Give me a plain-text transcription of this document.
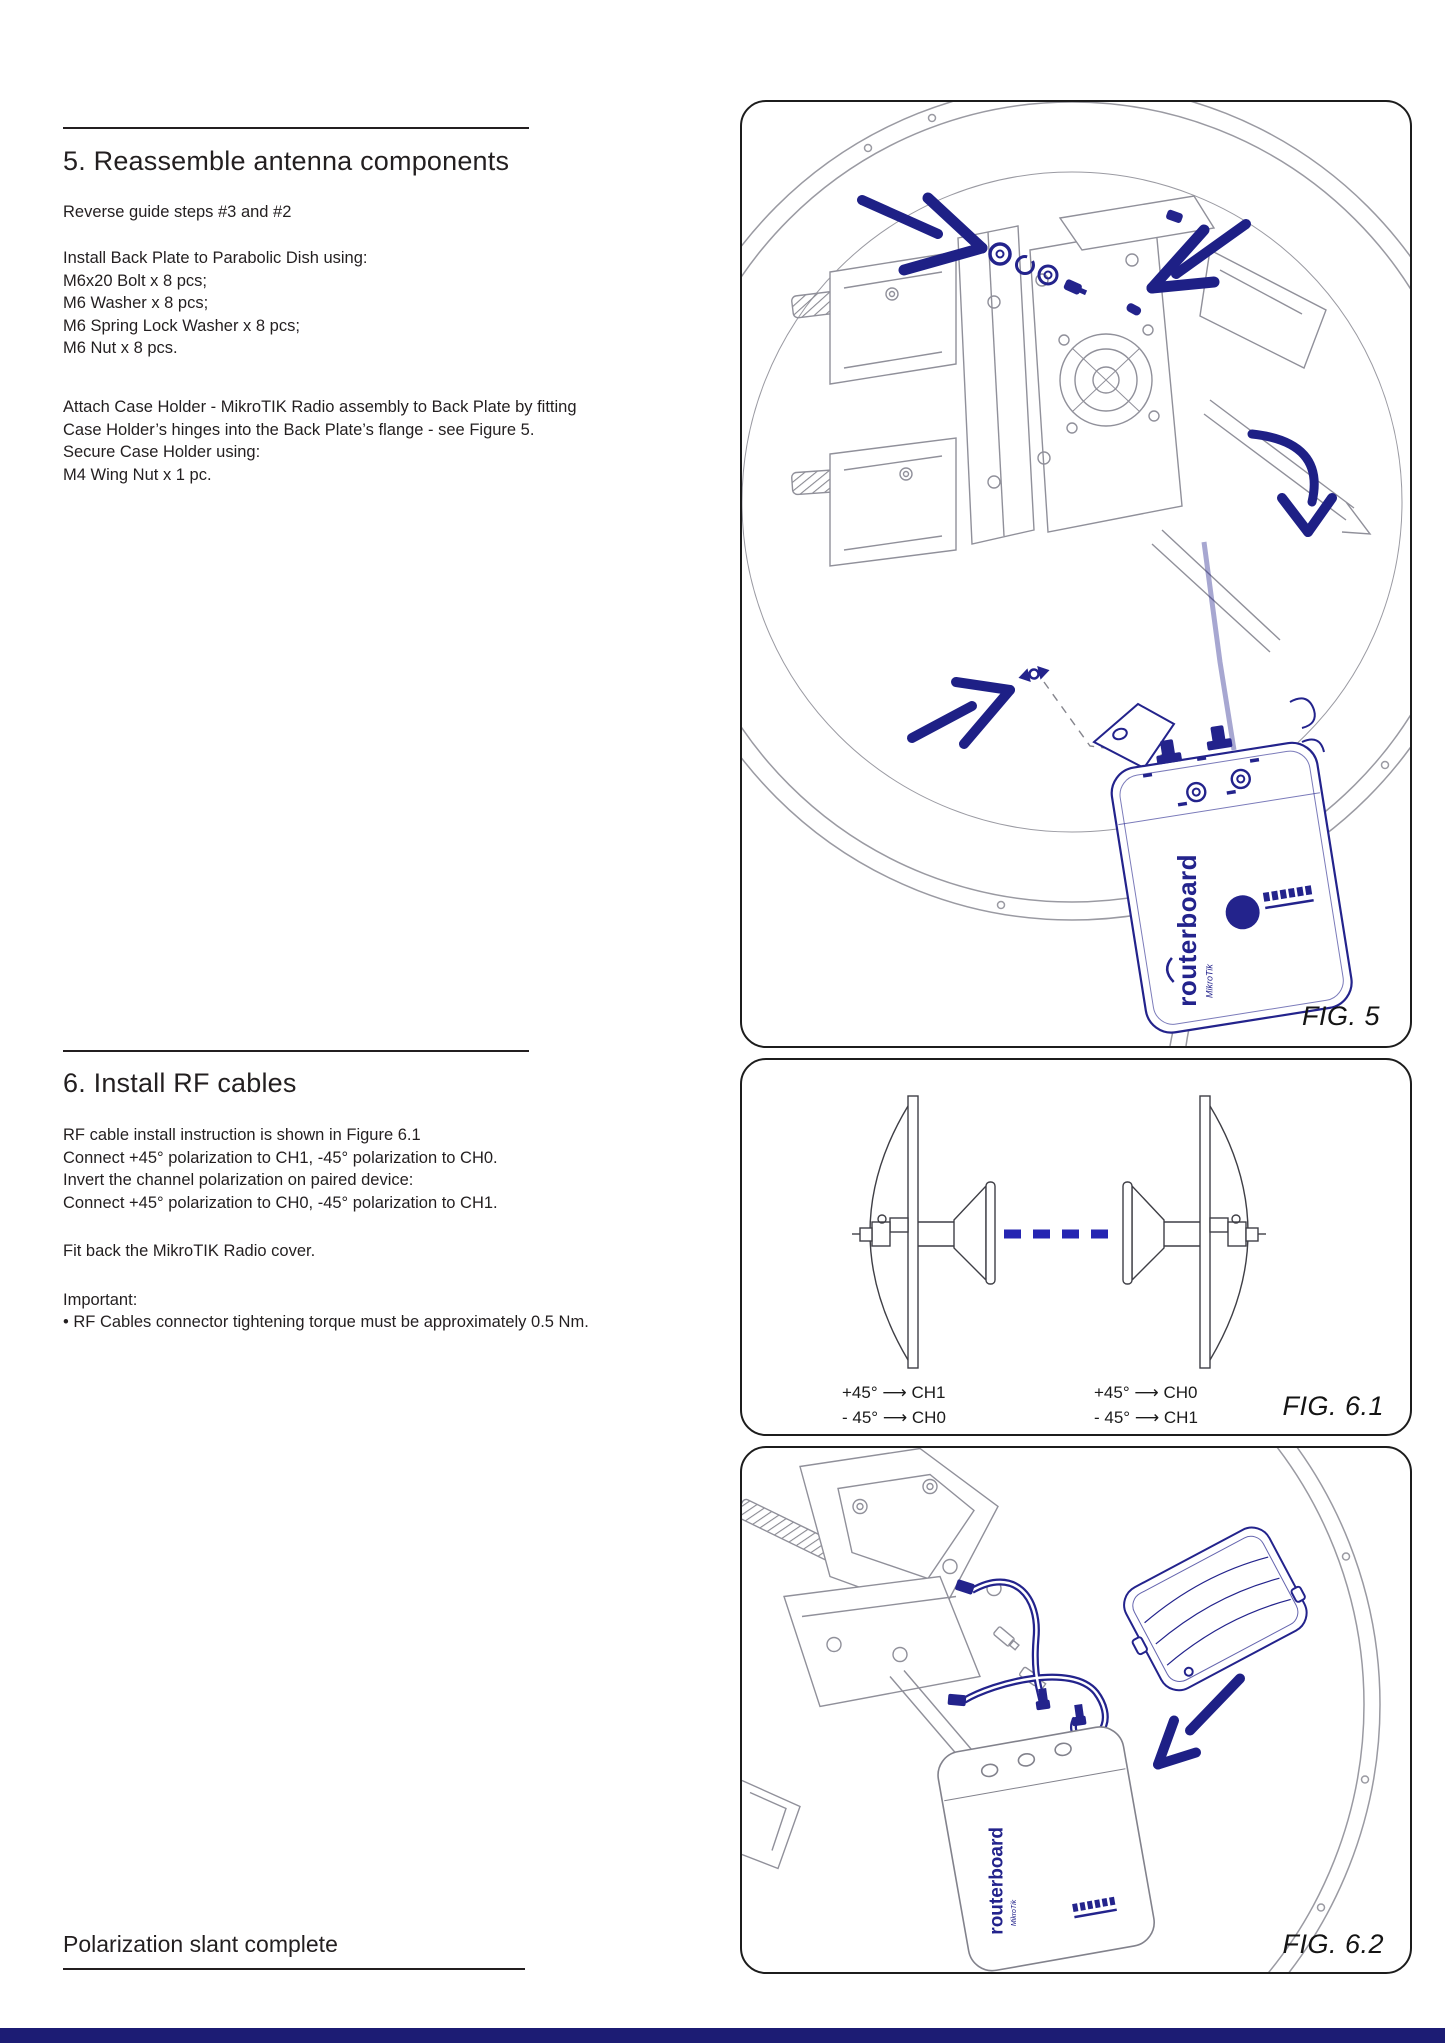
5. Reassemble antenna components
Reverse guide steps #3 and #2
Install Back Plate to Parabolic Dish using:
M6x20 Bolt x 8 pcs;
M6 Washer x 8 pcs;
M6 Spring Lock Washer x 8 pcs;
M6 Nut x 8 pcs.
Attach Case Holder - MikroTIK Radio assembly to Back Plate by fitting
Case Holder’s hinges into the Back Plate’s flange - see Figure 5.
Secure Case Holder using:
M4 Wing Nut x 1 pc.
6. Install RF cables
RF cable install instruction is shown in Figure 6.1
Connect +45° polarization to CH1, -45° polarization to CH0.
Invert the channel polarization on paired device:
Connect +45° polarization to CH0, -45° polarization to CH1.
Fit back the MikroTIK Radio cover.
Important:
• RF Cables connector tightening torque must be approximately 0.5 Nm.
Polarization slant complete
routerboard MikroTik
FIG. 5
+45° ⟶ CH1
- 45° ⟶ CH0
+45° ⟶ CH0
- 45° ⟶ CH1	FIG. 6.1
routerboard MikroTik
FIG. 6.2
